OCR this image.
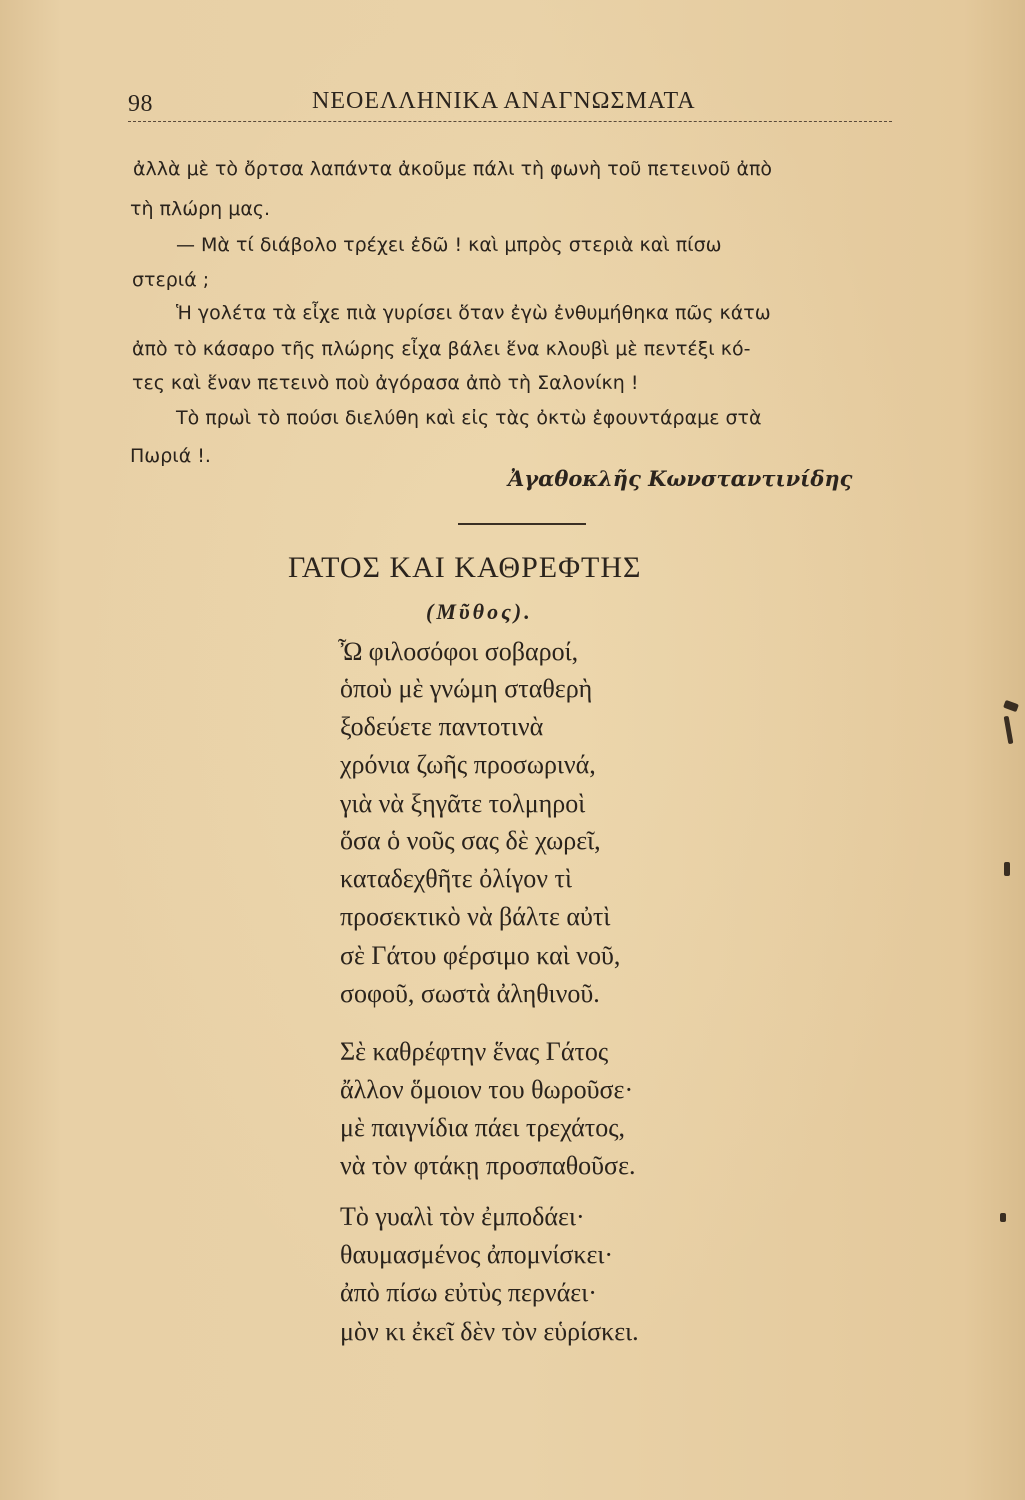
98	ΝΕΟΕΛΛΗΝΙΚΑ ΑΝΑΓΝΩΣΜΑΤΑ
ἀλλὰ μὲ τὸ ὄρτσα λαπάντα ἀκοῦμε πάλι τὴ φωνὴ τοῦ πετεινοῦ ἀπὸ
τὴ πλώρη μας.
— Μὰ τί διάβολο τρέχει ἐδῶ ! καὶ μπρὸς στεριὰ καὶ πίσω
στεριά ;
Ἡ γολέτα τὰ εἶχε πιὰ γυρίσει ὅταν ἐγὼ ἐνθυμήθηκα πῶς κάτω
ἀπὸ τὸ κάσαρο τῆς πλώρης εἶχα βάλει ἕνα κλουβὶ μὲ πεντέξι κό-
τες καὶ ἕναν πετεινὸ ποὺ ἀγόρασα ἀπὸ τὴ Σαλονίκη !
Τὸ πρωὶ τὸ πούσι διελύθη καὶ εἰς τὰς ὀκτὼ ἐφουντάραμε στὰ
Πωριά !.
Ἀγαθοκλῆς Κωνσταντινίδης
ΓΑΤΟΣ ΚΑΙ ΚΑΘΡΕΦΤΗΣ
(Μῦθος).
Ὦ φιλοσόφοι σοβαροί,
ὁποὺ μὲ γνώμη σταθερὴ
ξοδεύετε παντοτινὰ
χρόνια ζωῆς προσωρινά,
γιὰ νὰ ξηγᾶτε τολμηροὶ
ὅσα ὁ νοῦς σας δὲ χωρεῖ,
καταδεχθῆτε ὀλίγον τὶ
προσεκτικὸ νὰ βάλτε αὐτὶ
σὲ Γάτου φέρσιμο καὶ νοῦ,
σοφοῦ, σωστὰ ἀληθινοῦ.
Σὲ καθρέφτην ἕνας Γάτος
ἄλλον ὅμοιον του θωροῦσε·
μὲ παιγνίδια πάει τρεχάτος,
νὰ τὸν φτάκῃ προσπαθοῦσε.
Τὸ γυαλὶ τὸν ἐμποδάει·
θαυμασμένος ἀπομνίσκει·
ἀπὸ πίσω εὐτὺς περνάει·
μὸν κι ἐκεῖ δὲν τὸν εὑρίσκει.
